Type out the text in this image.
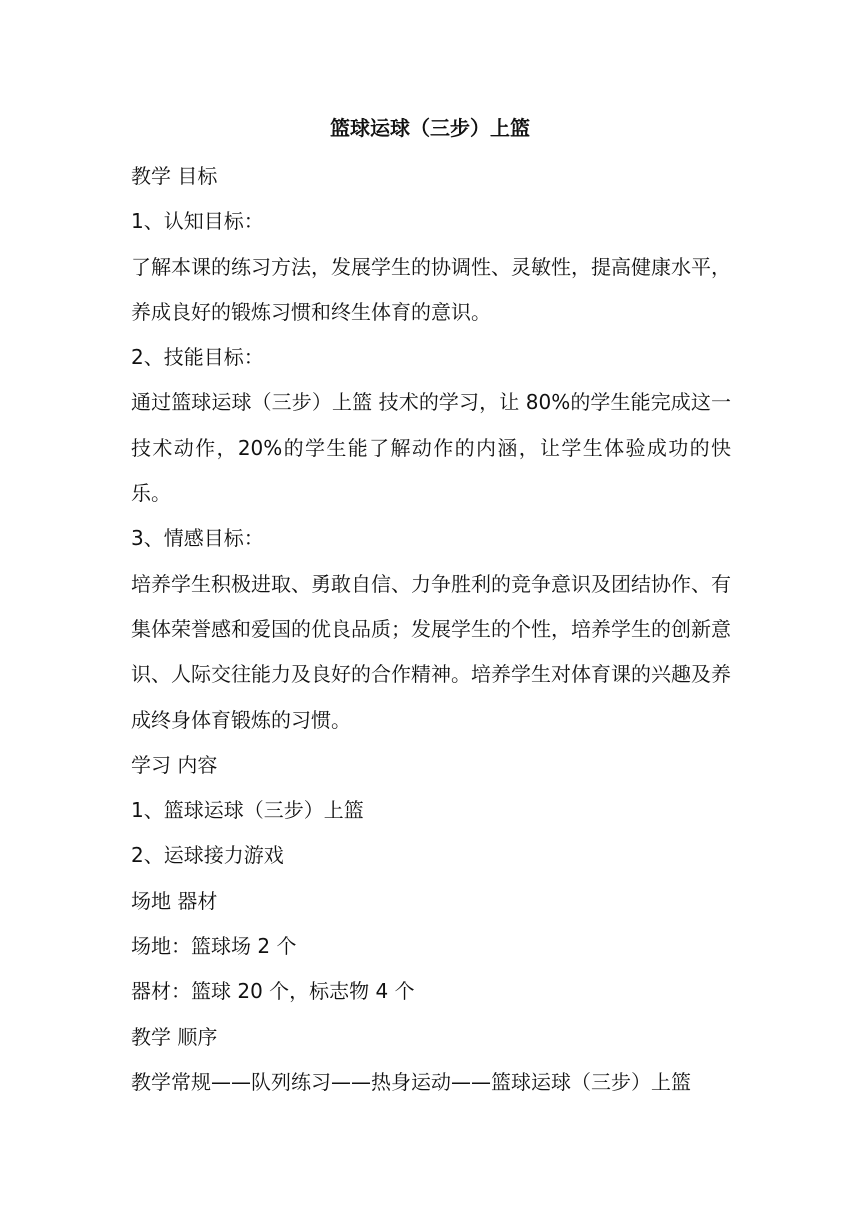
篮球运球（三步）上篮

教学 目标

1、认知目标：

了解本课的练习方法，发展学生的协调性、灵敏性，提高健康水平，养成良好的锻炼习惯和终生体育的意识。

2、技能目标：

通过篮球运球（三步）上篮 技术的学习，让 80%的学生能完成这一技术动作，20%的学生能了解动作的内涵，让学生体验成功的快乐。

3、情感目标：

培养学生积极进取、勇敢自信、力争胜利的竞争意识及团结协作、有集体荣誉感和爱国的优良品质；发展学生的个性，培养学生的创新意识、人际交往能力及良好的合作精神。培养学生对体育课的兴趣及养成终身体育锻炼的习惯。

学习 内容

1、篮球运球（三步）上篮

2、运球接力游戏

场地 器材

场地：篮球场 2 个

器材：篮球 20 个，标志物 4 个

教学 顺序

教学常规——队列练习——热身运动——篮球运球（三步）上篮
